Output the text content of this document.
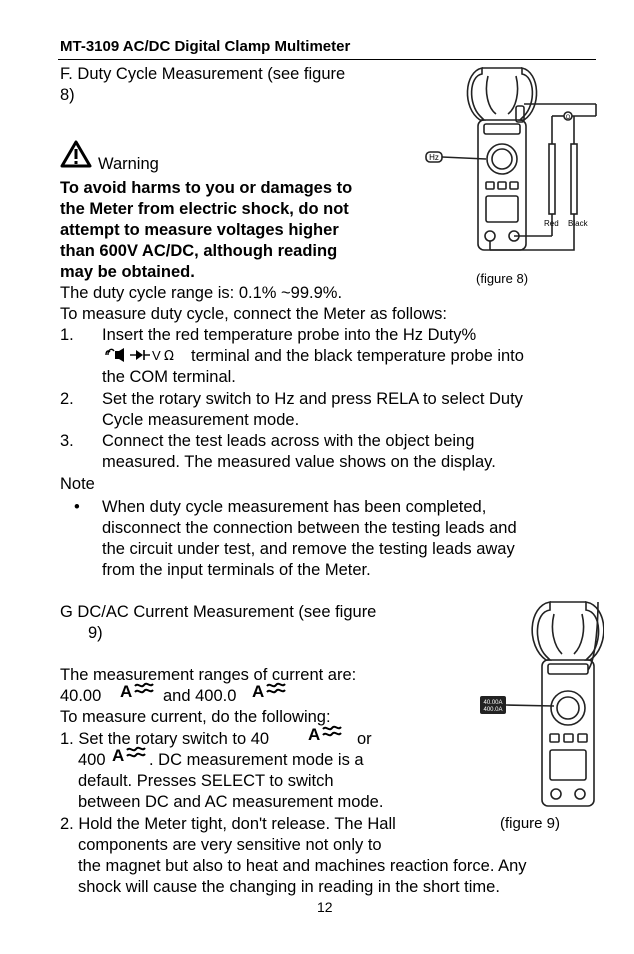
MT-3109 AC/DC Digital Clamp Multimeter
F. Duty Cycle Measurement (see figure
8)
Warning
To avoid harms to you or damages to
the Meter from electric shock, do not
attempt to measure voltages higher
than 600V AC/DC, although reading
may be obtained.
Hz
Red Black
Ω
(figure 8)
The duty cycle range is: 0.1% ~99.9%.
To measure duty cycle, connect the Meter as follows:
1. Insert the red temperature probe into the Hz Duty%
V Ω terminal and the black temperature probe into
the COM terminal.
2. Set the rotary switch to Hz and press RELA to select Duty
Cycle measurement mode.
3. Connect the test leads across with the object being
measured. The measured value shows on the display.
Note
• When duty cycle measurement has been completed,
disconnect the connection between the testing leads and
the circuit under test, and remove the testing leads away
from the input terminals of the Meter.
G DC/AC Current Measurement (see figure
9)
The measurement ranges of current are:
40.00 A and 400.0 A
To measure current, do the following:
1. Set the rotary switch to 40 A or
400 A . DC measurement mode is a
default. Presses SELECT to switch
between DC and AC measurement mode.
2. Hold the Meter tight, don't release. The Hall
components are very sensitive not only to
the magnet but also to heat and machines reaction force. Any
shock will cause the changing in reading in the short time.
40.00A
400.0A
(figure 9)
12
